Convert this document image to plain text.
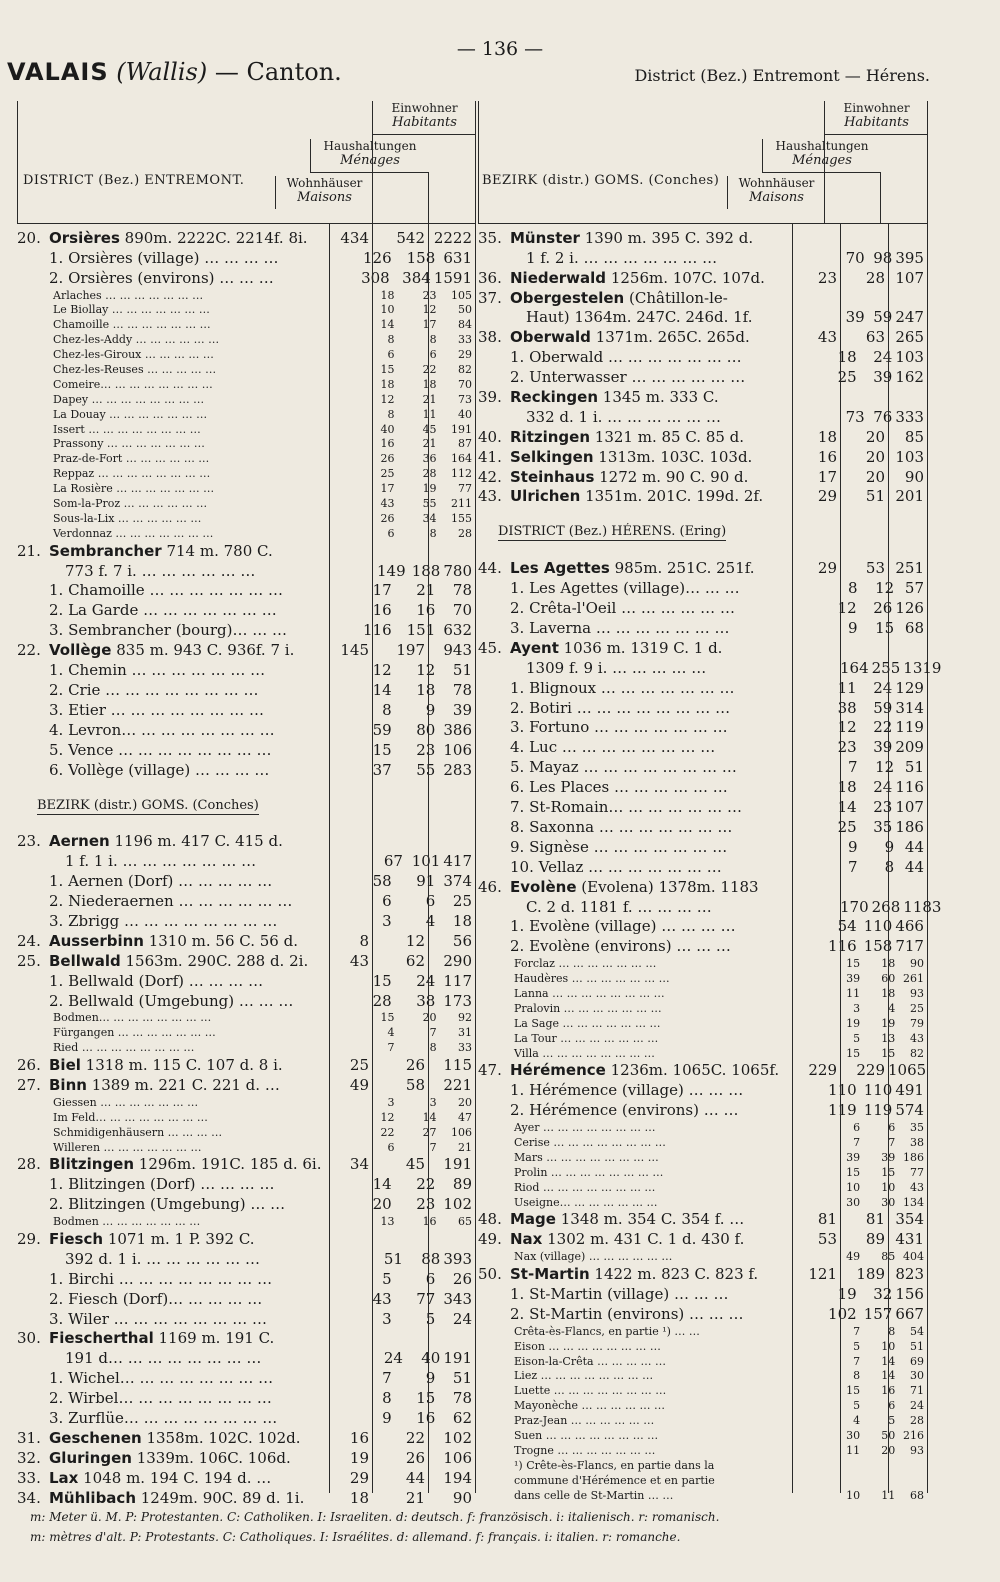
— 136 —
VALAIS (Wallis) — Canton.	District (Bez.) Entremont — Hérens.
Einwohner
Habitants
Haushaltungen
Ménages
Wohnhäuser
Maisons
DISTRICT (Bez.) ENTREMONT.
20. Orsières 890m. 2222C. 2214f. 8i.	434	542 2222
1. Orsières (village) … … … …	126 158 631
2. Orsières (environs) … … …	308 384 1591
Arlaches … … … … … … …	18	23	105
Le Biollay … … … … … … …	10	12	50
Chamoille … … … … … … …	14	17	84
Chez-les-Addy … … … … … …	8	8	33
Chez-les-Giroux … … … … …	6	6	29
Chez-les-Reuses … … … … …	15	22	82
Comeire… … … … … … … …	18	18	70
Dapey … … … … … … … …	12	21	73
La Douay … … … … … … …	8	11	40
Issert … … … … … … … …	40	45	191
Prassony … … … … … … …	16	21	87
Praz-de-Fort … … … … … …	26	36	164
Reppaz … … … … … … … …	25	28	112
La Rosière … … … … … … …	17	19	77
Som-la-Proz … … … … … …	43	55	211
Sous-la-Lix … … … … … …	26	34	155
Verdonnaz … … … … … … …	6	8	28
21. Sembrancher 714 m. 780 C.
773 f. 7 i. … … … … … …	149 188 780
1. Chamoille … … … … … … …	17	21	78
2. La Garde … … … … … … …	16	16	70
3. Sembrancher (bourg)… … …	116 151 632
22. Vollège 835 m. 943 C. 936f. 7 i.	145	197	943
1. Chemin … … … … … … …	12	12	51
2. Crie … … … … … … … …	14	18	78
3. Etier … … … … … … … …	8	9	39
4. Levron… … … … … … … …	59	80 386
5. Vence … … … … … … … …	15	23 106
6. Vollège (village) … … … …	37	55 283
BEZIRK (distr.) GOMS. (Conches)
23. Aernen 1196 m. 417 C. 415 d.
1 f. 1 i. … … … … … … …	67 101 417
1. Aernen (Dorf) … … … … …	58	91 374
2. Niederaernen … … … … … …	6	6	25
3. Zbrigg … … … … … … … …	3	4	18
24. Ausserbinn 1310 m. 56 C. 56 d.	8	12	56
25. Bellwald 1563m. 290C. 288 d. 2i.	43	62	290
1. Bellwald (Dorf) … … … …	15	24 117
2. Bellwald (Umgebung) … … …	28	38 173
Bodmen… … … … … … … …	15	20	92
Fürgangen … … … … … … …	4	7	31
Ried … … … … … … … …	7	8	33
26. Biel 1318 m. 115 C. 107 d. 8 i.	25	26	115
27. Binn 1389 m. 221 C. 221 d. …	49	58	221
Giessen … … … … … … …	3	3	20
Im Feld… … … … … … … …	12	14	47
Schmidigenhäusern … … … …	22	27	106
Willeren … … … … … … …	6	7	21
28. Blitzingen 1296m. 191C. 185 d. 6i.	34	45	191
1. Blitzingen (Dorf) … … … …	14	22	89
2. Blitzingen (Umgebung) … …	20	23 102
Bodmen … … … … … … …	13	16	65
29. Fiesch 1071 m. 1 P. 392 C.
392 d. 1 i. … … … … … …	51	88 393
1. Birchi … … … … … … … …	5	6	26
2. Fiesch (Dorf)… … … … …	43	77 343
3. Wiler … … … … … … … …	3	5	24
30. Fiescherthal 1169 m. 191 C.
191 d… … … … … … … …	24	40 191
1. Wichel… … … … … … … …	7	9	51
2. Wirbel… … … … … … … …	8	15	78
3. Zurflüe… … … … … … … …	9	16	62
31. Geschenen 1358m. 102C. 102d.	16	22	102
32. Gluringen 1339m. 106C. 106d.	19	26	106
33. Lax 1048 m. 194 C. 194 d. …	29	44	194
34. Mühlibach 1249m. 90C. 89 d. 1i.	18	21	90
Einwohner
Habitants
Haushaltungen
Ménages
Wohnhäuser
Maisons
BEZIRK (distr.) GOMS. (Conches)
35. Münster 1390 m. 395 C. 392 d.
1 f. 2 i. … … … … … … …	70 98 395
36. Niederwald 1256m. 107C. 107d.	23	28 107
37. Obergestelen (Châtillon-le-
Haut) 1364m. 247C. 246d. 1f.	39 59 247
38. Oberwald 1371m. 265C. 265d.	43	63 265
1. Oberwald … … … … … … …	18	24 103
2. Unterwasser … … … … … …	25	39 162
39. Reckingen 1345 m. 333 C.
332 d. 1 i. … … … … … …	73 76 333
40. Ritzingen 1321 m. 85 C. 85 d.	18	20	85
41. Selkingen 1313m. 103C. 103d.	16	20 103
42. Steinhaus 1272 m. 90 C. 90 d.	17	20	90
43. Ulrichen 1351m. 201C. 199d. 2f.	29	51 201
DISTRICT (Bez.) HÉRENS. (Ering)
44. Les Agettes 985m. 251C. 251f.	29	53 251
1. Les Agettes (village)… … …	8	12 57
2. Crêta-l'Oeil … … … … … …	12	26 126
3. Laverna … … … … … … …	9	15 68
45. Ayent 1036 m. 1319 C. 1 d.
1309 f. 9 i. … … … … …	164 255 1319
1. Blignoux … … … … … … …	11	24 129
2. Botiri … … … … … … … …	38	59 314
3. Fortuno … … … … … … …	12	22 119
4. Luc … … … … … … … …	23	39 209
5. Mayaz … … … … … … … …	7	12 51
6. Les Places … … … … … …	18	24 116
7. St-Romain… … … … … … …	14	23 107
8. Saxonna … … … … … … …	25	35 186
9. Signèse … … … … … … …	9	9 44
10. Vellaz … … … … … … …	7	8 44
46. Evolène (Evolena) 1378m. 1183
C. 2 d. 1181 f. … … … …	170 268 1183
1. Evolène (village) … … … …	54 110 466
2. Evolène (environs) … … …	116 158 717
Forclaz … … … … … … …	15	18	90
Haudères … … … … … … …	39	60 261
Lanna … … … … … … … …	11	18	93
Pralovin … … … … … … …	3	4	25
La Sage … … … … … … …	19	19	79
La Tour … … … … … … …	5	13	43
Villa … … … … … … … …	15	15	82
47. Hérémence 1236m. 1065C. 1065f.	229	229 1065
1. Hérémence (village) … … …	110 110 491
2. Hérémence (environs) … …	119 119 574
Ayer … … … … … … … …	6	6	35
Cerise … … … … … … … …	7	7	38
Mars … … … … … … … …	39	39 186
Prolin … … … … … … … …	15	15	77
Riod … … … … … … … …	10	10	43
Useigne… … … … … … …	30	30 134
48. Mage 1348 m. 354 C. 354 f. …	81	81 354
49. Nax 1302 m. 431 C. 1 d. 430 f.	53	89 431
Nax (village) … … … … … …	49	85 404
50. St-Martin 1422 m. 823 C. 823 f.	121	189 823
1. St-Martin (village) … … …	19	32 156
2. St-Martin (environs) … … …	102 157 667
Crêta-ès-Flancs, en partie ¹) … …	7	8	54
Eison … … … … … … … …	5	10	51
Eison-la-Crêta … … … … …	7	14	69
Liez … … … … … … … …	8	14	30
Luette … … … … … … … …	15	16	71
Mayonèche … … … … … …	5	6	24
Praz-Jean … … … … … …	4	5	28
Suen … … … … … … … …	30	50 216
Trogne … … … … … … …	11	20	93
¹) Crête-ès-Flancs, en partie dans la
commune d'Hérémence et en partie
dans celle de St-Martin … …	10	11	68
m: Meter ü. M. P: Protestanten. C: Catholiken. I: Israeliten. d: deutsch. f: französisch. i: italienisch. r: romanisch.
m: mètres d'alt. P: Protestants. C: Catholiques. I: Israélites. d: allemand. f: français. i: italien. r: romanche.
